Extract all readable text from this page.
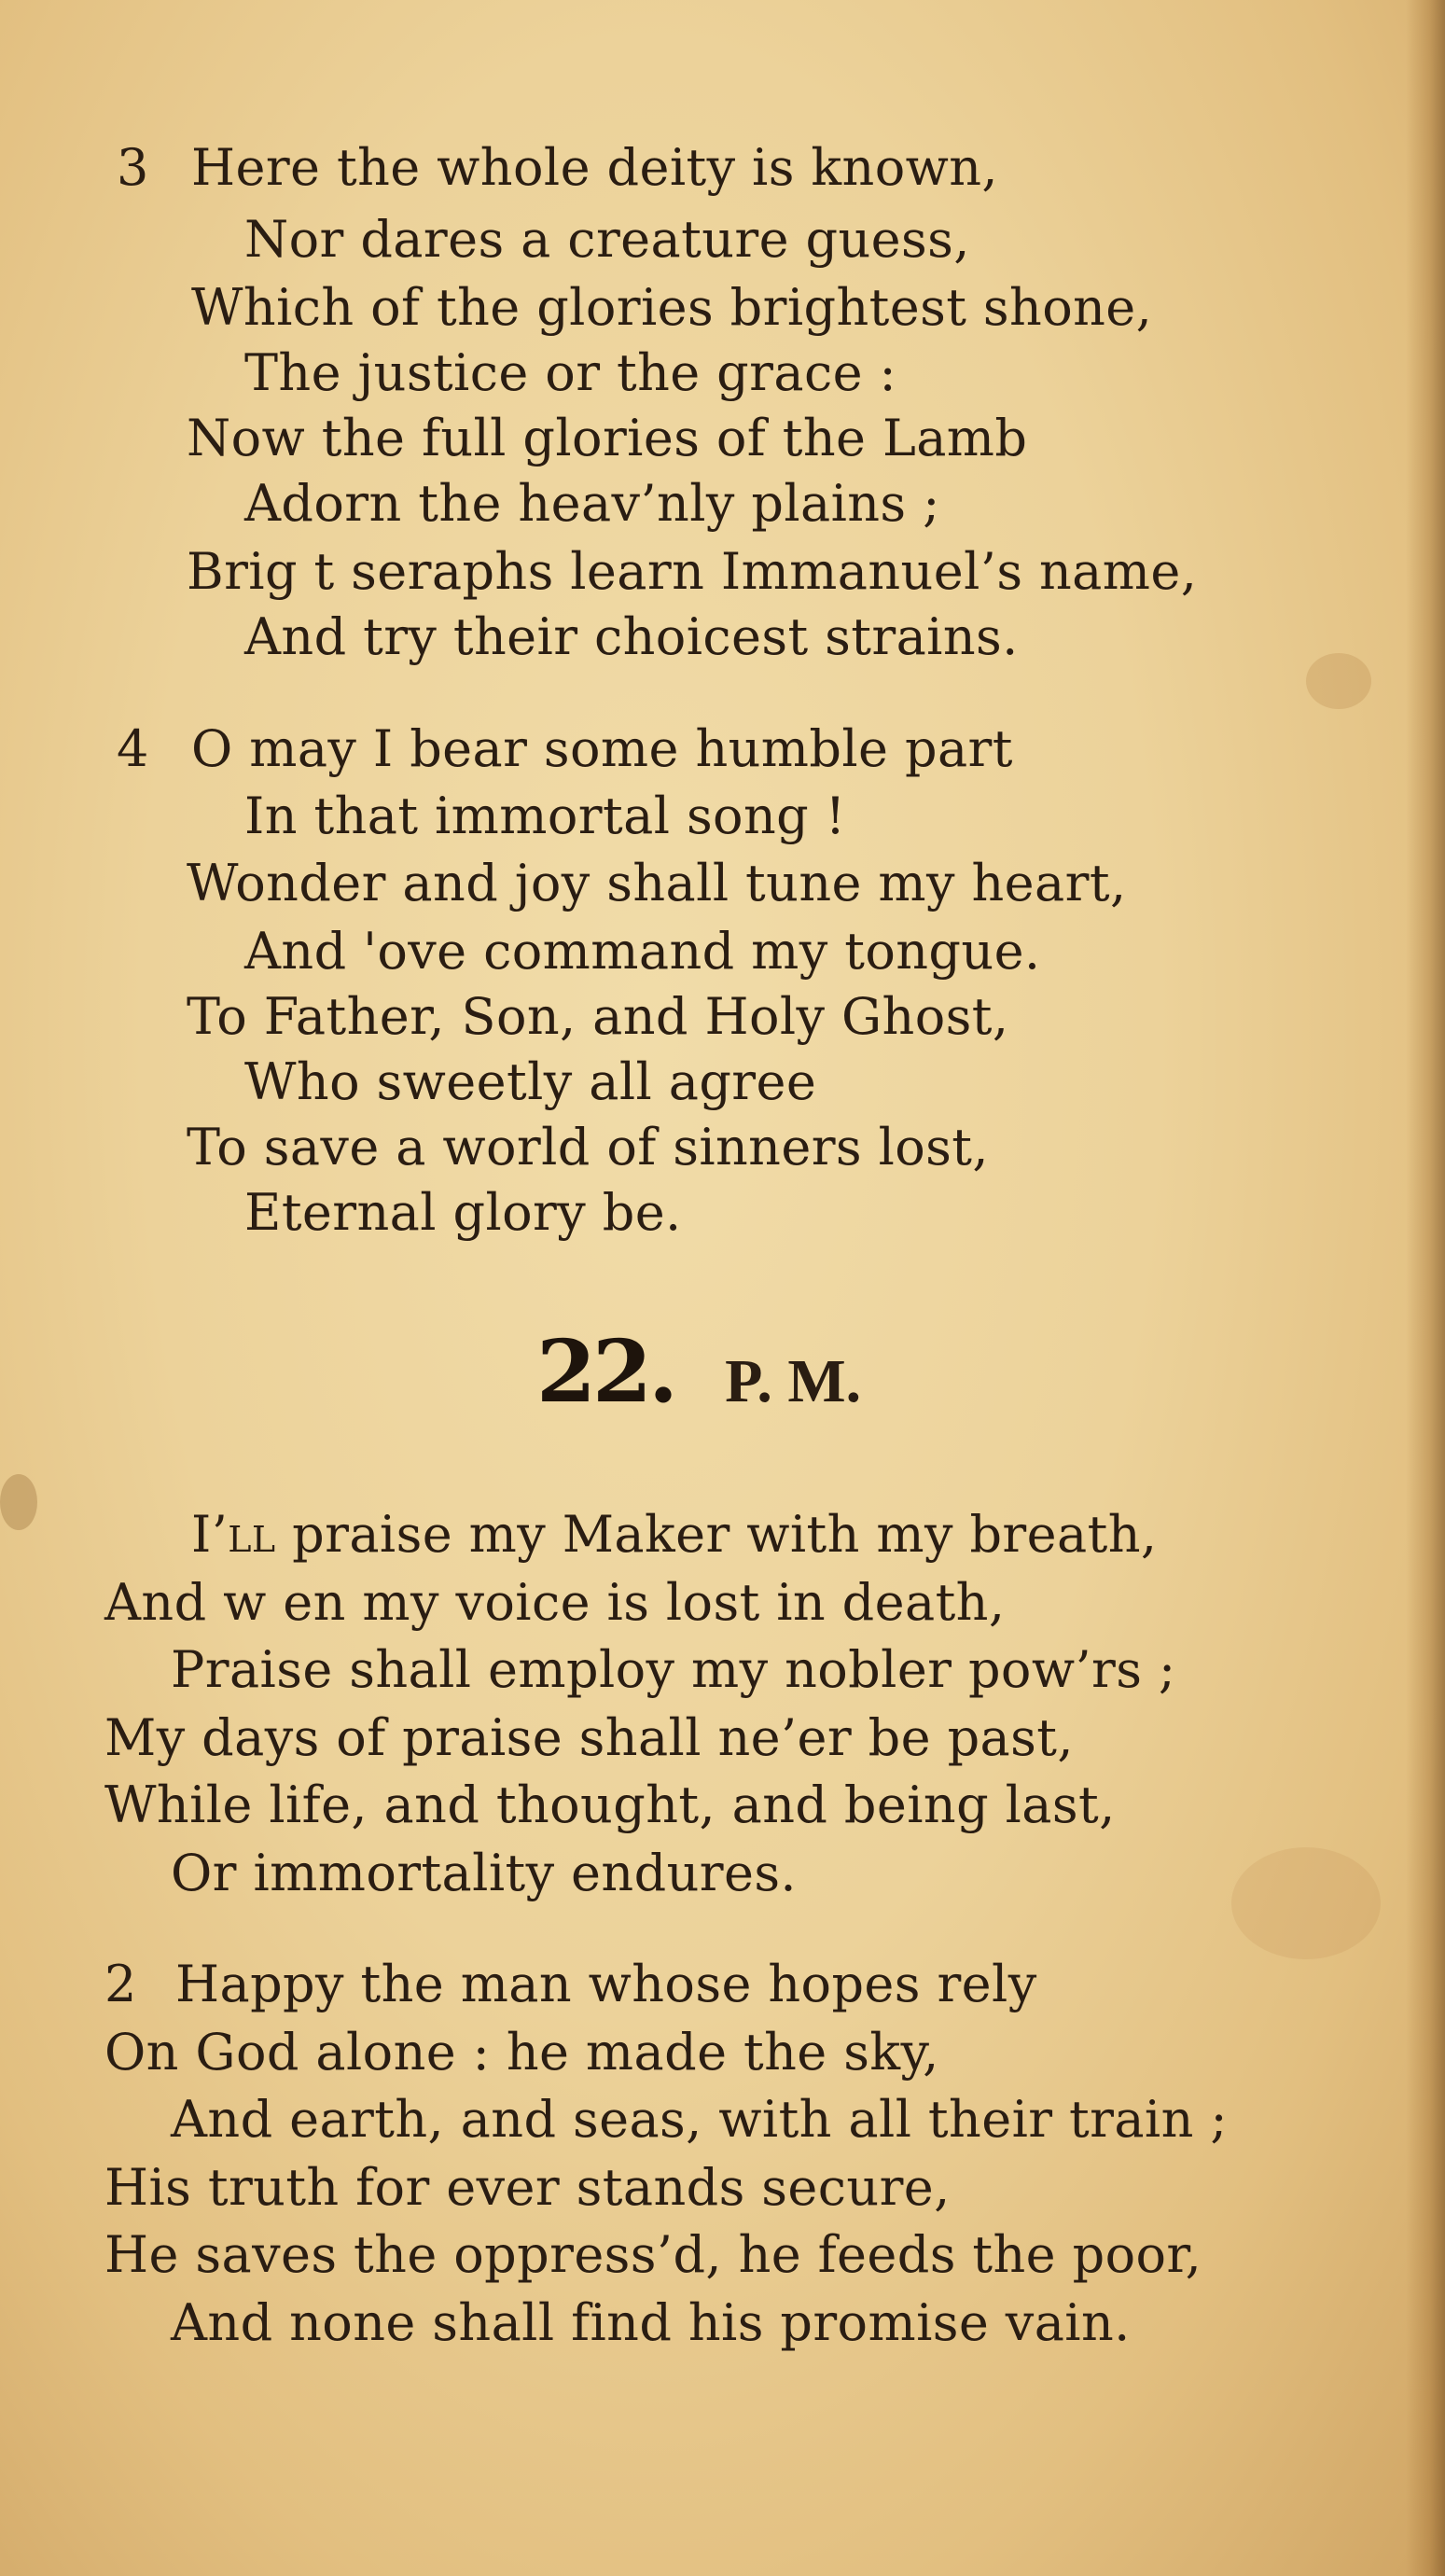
3 Here the whole deity is known,
Nor dares a creature guess,
Which of the glories brightest shone,
The justice or the grace :
Now the full glories of the Lamb
Adorn the heav’nly plains ;
Brig t seraphs learn Immanuel’s name,
And try their choicest strains.
4 O may I bear some humble part
In that immortal song !
Wonder and joy shall tune my heart,
And 'ove command my tongue.
To Father, Son, and Holy Ghost,
Who sweetly all agree
To save a world of sinners lost,
Eternal glory be.
22. P. M.
I’ll praise my Maker with my breath,
And w en my voice is lost in death,
Praise shall employ my nobler pow’rs ;
My days of praise shall ne’er be past,
While life, and thought, and being last,
Or immortality endures.
2 Happy the man whose hopes rely
On God alone : he made the sky,
And earth, and seas, with all their train ;
His truth for ever stands secure,
He saves the oppress’d, he feeds the poor,
And none shall find his promise vain.
